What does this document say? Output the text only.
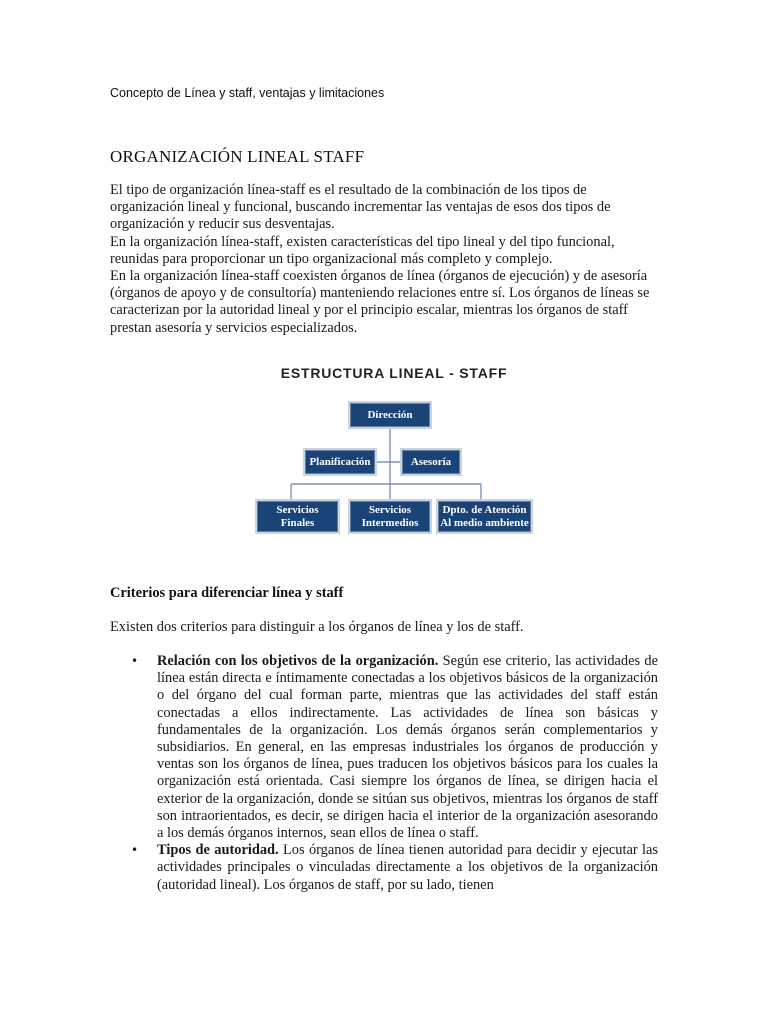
Concepto de Línea y staff, ventajas y limitaciones
ORGANIZACIÓN LINEAL STAFF

El tipo de organización línea-staff es el resultado de la combinación de los tipos de organización lineal y funcional, buscando incrementar las ventajas de esos dos tipos de organización y reducir sus desventajas.

En la organización línea-staff, existen características del tipo lineal y del tipo funcional, reunidas para proporcionar un tipo organizacional más completo y complejo.

En la organización línea-staff coexisten órganos de línea (órganos de ejecución) y de asesoría (órganos de apoyo y de consultoría) manteniendo relaciones entre sí. Los órganos de líneas se caracterizan por la autoridad lineal y por el principio escalar, mientras los órganos de staff prestan asesoría y servicios especializados.

ESTRUCTURA LINEAL - STAFF
Dirección
Planificación	Asesoría
Servicios
Finales
Servicios
Intermedios
Dpto. de Atención
Al medio ambiente
Criterios para diferenciar línea y staff
Existen dos criterios para distinguir a los órganos de línea y los de staff.
• Relación con los objetivos de la organización. Según ese criterio, las actividades de línea están directa e íntimamente conectadas a los objetivos básicos de la organización o del órgano del cual forman parte, mientras que las actividades del staff están conectadas a ellos indirectamente. Las actividades de línea son básicas y fundamentales de la organización. Los demás órganos serán complementarios y subsidiarios. En general, en las empresas industriales los órganos de producción y ventas son los órganos de línea, pues traducen los objetivos básicos para los cuales la organización está orientada. Casi siempre los órganos de línea, se dirigen hacia el exterior de la organización, donde se sitúan sus objetivos, mientras los órganos de staff son intraorientados, es decir, se dirigen hacia el interior de la organización asesorando a los demás órganos internos, sean ellos de línea o staff.
• Tipos de autoridad. Los órganos de línea tienen autoridad para decidir y ejecutar las actividades principales o vinculadas directamente a los objetivos de la organización (autoridad lineal). Los órganos de staff, por su lado, tienen
